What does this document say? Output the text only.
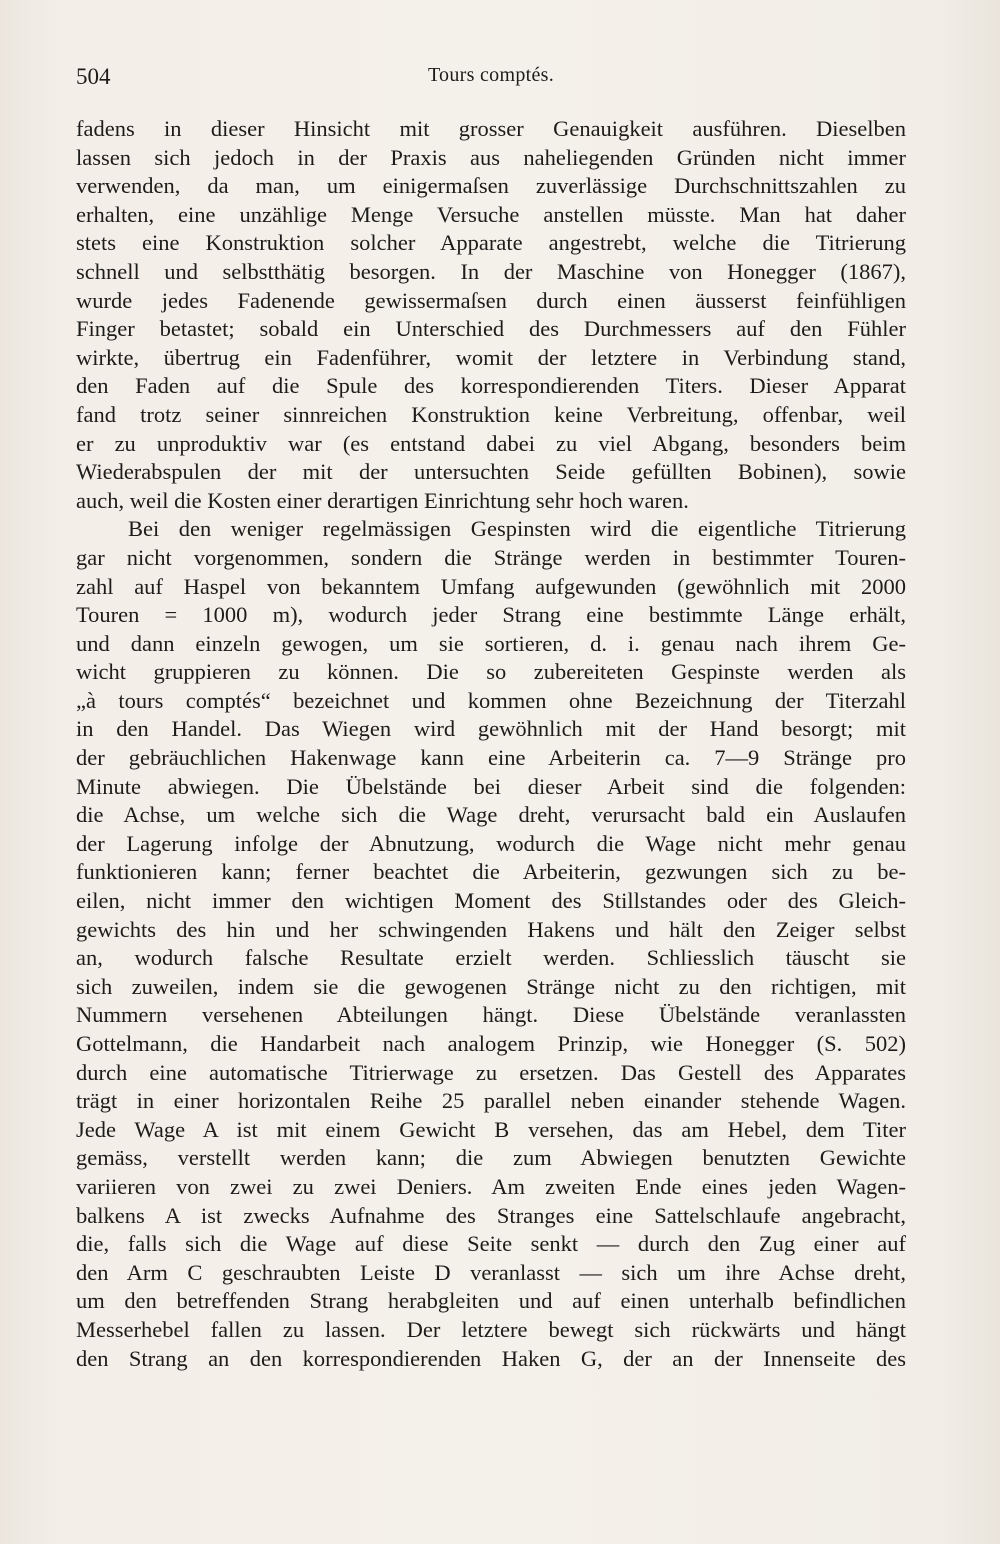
504	Tours comptés.
fadens in dieser Hinsicht mit grosser Genauigkeit ausführen. Dieselben
lassen sich jedoch in der Praxis aus naheliegenden Gründen nicht immer
verwenden, da man, um einigermaſsen zuverlässige Durchschnittszahlen zu
erhalten, eine unzählige Menge Versuche anstellen müsste. Man hat daher
stets eine Konstruktion solcher Apparate angestrebt, welche die Titrierung
schnell und selbstthätig besorgen. In der Maschine von Honegger (1867),
wurde jedes Fadenende gewissermaſsen durch einen äusserst feinfühligen
Finger betastet; sobald ein Unterschied des Durchmessers auf den Fühler
wirkte, übertrug ein Fadenführer, womit der letztere in Verbindung stand,
den Faden auf die Spule des korrespondierenden Titers. Dieser Apparat
fand trotz seiner sinnreichen Konstruktion keine Verbreitung, offenbar, weil
er zu unproduktiv war (es entstand dabei zu viel Abgang, besonders beim
Wiederabspulen der mit der untersuchten Seide gefüllten Bobinen), sowie
auch, weil die Kosten einer derartigen Einrichtung sehr hoch waren.
Bei den weniger regelmässigen Gespinsten wird die eigentliche Titrierung
gar nicht vorgenommen, sondern die Stränge werden in bestimmter Touren-
zahl auf Haspel von bekanntem Umfang aufgewunden (gewöhnlich mit 2000
Touren = 1000 m), wodurch jeder Strang eine bestimmte Länge erhält,
und dann einzeln gewogen, um sie sortieren, d. i. genau nach ihrem Ge-
wicht gruppieren zu können. Die so zubereiteten Gespinste werden als
„à tours comptés“ bezeichnet und kommen ohne Bezeichnung der Titerzahl
in den Handel. Das Wiegen wird gewöhnlich mit der Hand besorgt; mit
der gebräuchlichen Hakenwage kann eine Arbeiterin ca. 7—9 Stränge pro
Minute abwiegen. Die Übelstände bei dieser Arbeit sind die folgenden:
die Achse, um welche sich die Wage dreht, verursacht bald ein Auslaufen
der Lagerung infolge der Abnutzung, wodurch die Wage nicht mehr genau
funktionieren kann; ferner beachtet die Arbeiterin, gezwungen sich zu be-
eilen, nicht immer den wichtigen Moment des Stillstandes oder des Gleich-
gewichts des hin und her schwingenden Hakens und hält den Zeiger selbst
an, wodurch falsche Resultate erzielt werden. Schliesslich täuscht sie
sich zuweilen, indem sie die gewogenen Stränge nicht zu den richtigen, mit
Nummern versehenen Abteilungen hängt. Diese Übelstände veranlassten
Gottelmann, die Handarbeit nach analogem Prinzip, wie Honegger (S. 502)
durch eine automatische Titrierwage zu ersetzen. Das Gestell des Apparates
trägt in einer horizontalen Reihe 25 parallel neben einander stehende Wagen.
Jede Wage A ist mit einem Gewicht B versehen, das am Hebel, dem Titer
gemäss, verstellt werden kann; die zum Abwiegen benutzten Gewichte
variieren von zwei zu zwei Deniers. Am zweiten Ende eines jeden Wagen-
balkens A ist zwecks Aufnahme des Stranges eine Sattelschlaufe angebracht,
die, falls sich die Wage auf diese Seite senkt — durch den Zug einer auf
den Arm C geschraubten Leiste D veranlasst — sich um ihre Achse dreht,
um den betreffenden Strang herabgleiten und auf einen unterhalb befindlichen
Messerhebel fallen zu lassen. Der letztere bewegt sich rückwärts und hängt
den Strang an den korrespondierenden Haken G, der an der Innenseite des
